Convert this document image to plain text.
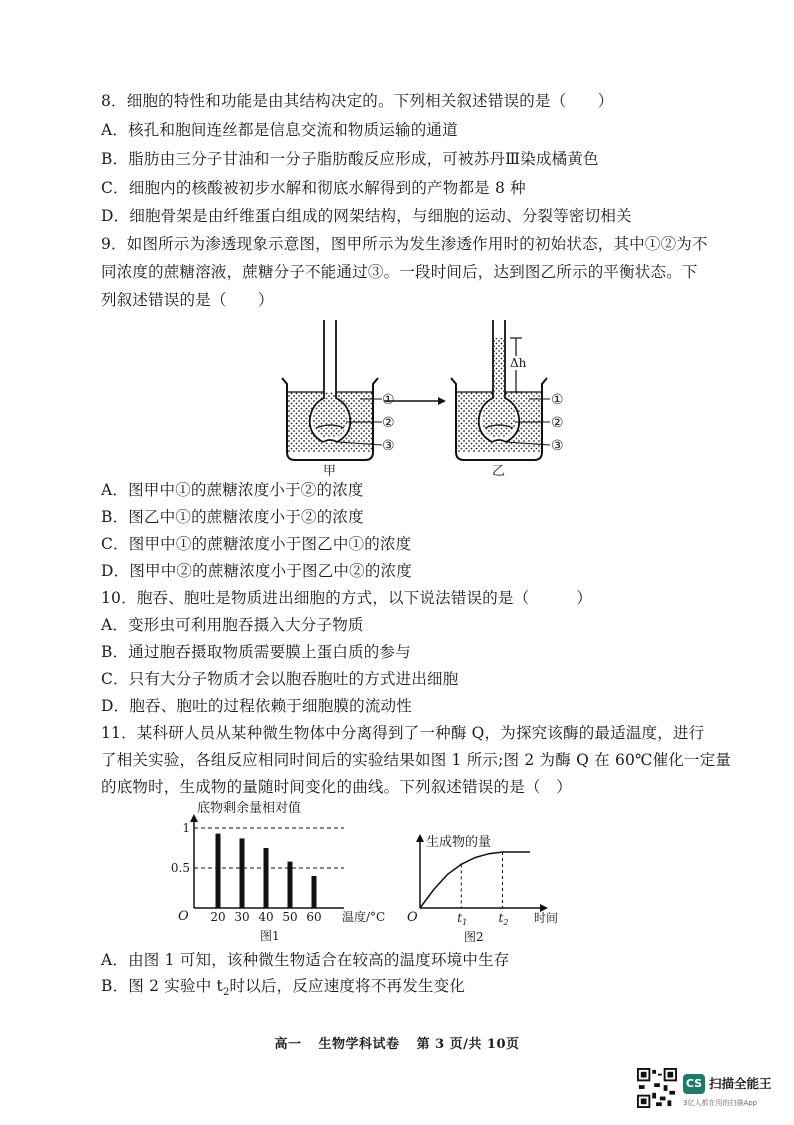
8．细胞的特性和功能是由其结构决定的。下列相关叙述错误的是（　　）
A．核孔和胞间连丝都是信息交流和物质运输的通道
B．脂肪由三分子甘油和一分子脂肪酸反应形成，可被苏丹Ⅲ染成橘黄色
C．细胞内的核酸被初步水解和彻底水解得到的产物都是 8 种
D．细胞骨架是由纤维蛋白组成的网架结构，与细胞的运动、分裂等密切相关
9．如图所示为渗透现象示意图，图甲所示为发生渗透作用时的初始状态，其中①②为不
同浓度的蔗糖溶液，蔗糖分子不能通过③。一段时间后，达到图乙所示的平衡状态。下
列叙述错误的是（　　）
Δh
①
②
③
①
②
③
甲	乙
A．图甲中①的蔗糖浓度小于②的浓度
B．图乙中①的蔗糖浓度小于②的浓度
C．图甲中①的蔗糖浓度小于图乙中①的浓度
D．图甲中②的蔗糖浓度小于图乙中②的浓度
10．胞吞、胞吐是物质进出细胞的方式，以下说法错误的是（　　　）
A．变形虫可利用胞吞摄入大分子物质
B．通过胞吞摄取物质需要膜上蛋白质的参与
C．只有大分子物质才会以胞吞胞吐的方式进出细胞
D．胞吞、胞吐的过程依赖于细胞膜的流动性
11．某科研人员从某种微生物体中分离得到了一种酶 Q，为探究该酶的最适温度，进行
了相关实验，各组反应相同时间后的实验结果如图 1 所示;图 2 为酶 Q 在 60℃催化一定量
的底物时，生成物的量随时间变化的曲线。下列叙述错误的是（　）
底物剩余量相对值
温度/°C
O
图1
1
0.5
20 30 40 50 60
生成物的量
时间
O
图2
$t_1$	$t_2$
A．由图 1 可知，该种微生物适合在较高的温度环境中生存
B．图 2 实验中 $t_2$时以后，反应速度将不再发生变化
高一 生物学科试卷 第 3 页/共 10页
CS 扫描全能王
3亿人都在用的扫描App
